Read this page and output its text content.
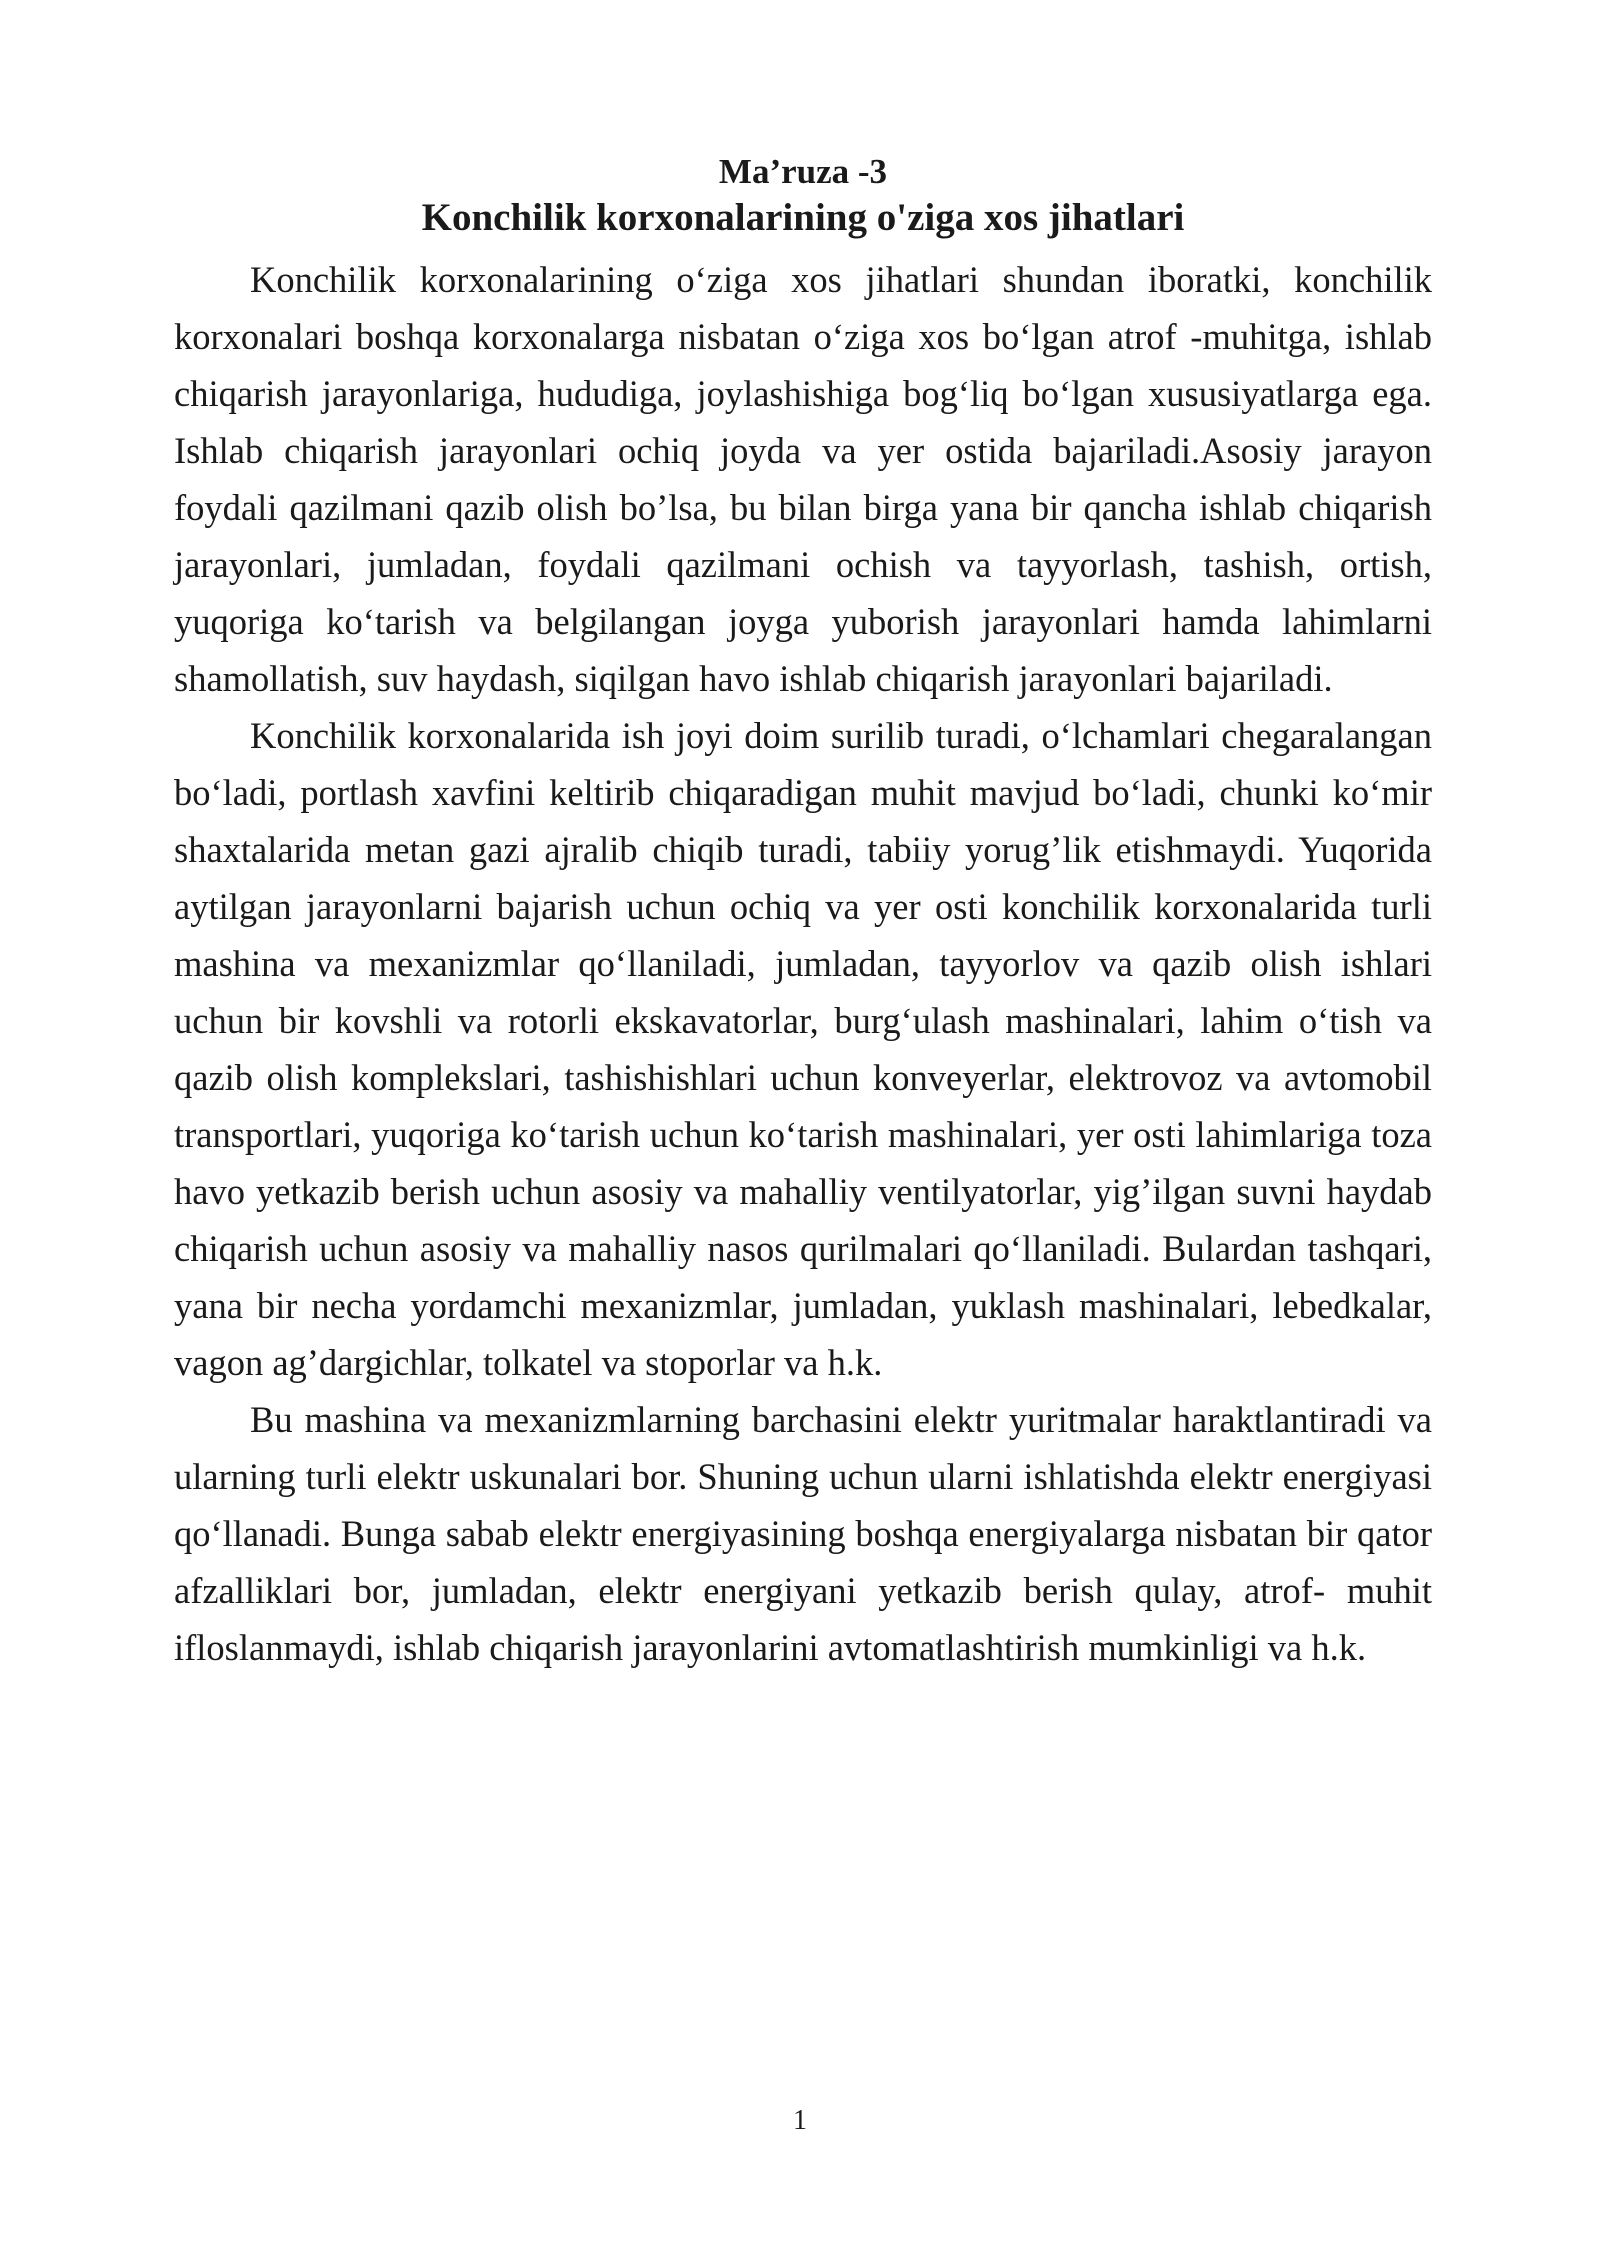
Ma’ruza -3
Konchilik korxonalarining o'ziga xos jihatlari

Konchilik korxonalarining o‘ziga xos jihatlari shundan iboratki, konchilik korxonalari boshqa korxonalarga nisbatan o‘ziga xos bo‘lgan atrof -muhitga, ishlab chiqarish jarayonlariga, hududiga, joylashishiga bog‘liq bo‘lgan xususiyatlarga ega. Ishlab chiqarish jarayonlari ochiq joyda va yer ostida bajariladi.Asosiy jarayon foydali qazilmani qazib olish bo’lsa, bu bilan birga yana bir qancha ishlab chiqarish jarayonlari, jumladan, foydali qazilmani ochish va tayyorlash, tashish, ortish, yuqoriga ko‘tarish va belgilangan joyga yuborish jarayonlari hamda lahimlarni shamollatish, suv haydash, siqilgan havo ishlab chiqarish jarayonlari bajariladi.

Konchilik korxonalarida ish joyi doim surilib turadi, o‘lchamlari chegaralangan bo‘ladi, portlash xavfini keltirib chiqaradigan muhit mavjud bo‘ladi, chunki ko‘mir shaxtalarida metan gazi ajralib chiqib turadi, tabiiy yorug’lik etishmaydi. Yuqorida aytilgan jarayonlarni bajarish uchun ochiq va yer osti konchilik korxonalarida turli mashina va mexanizmlar qo‘llaniladi, jumladan, tayyorlov va qazib olish ishlari uchun bir kovshli va rotorli ekskavatorlar, burg‘ulash mashinalari, lahim o‘tish va qazib olish komplekslari, tashishishlari uchun konveyerlar, elektrovoz va avtomobil transportlari, yuqoriga ko‘tarish uchun ko‘tarish mashinalari, yer osti lahimlariga toza havo yetkazib berish uchun asosiy va mahalliy ventilyatorlar, yig’ilgan suvni haydab chiqarish uchun asosiy va mahalliy nasos qurilmalari qo‘llaniladi. Bulardan tashqari, yana bir necha yordamchi mexanizmlar, jumladan, yuklash mashinalari, lebedkalar, vagon ag’dargichlar, tolkatel va stoporlar va h.k.

Bu mashina va mexanizmlarning barchasini elektr yuritmalar haraktlantiradi va ularning turli elektr uskunalari bor. Shuning uchun ularni ishlatishda elektr energiyasi qo‘llanadi. Bunga sabab elektr energiyasining boshqa energiyalarga nisbatan bir qator afzalliklari bor, jumladan, elektr energiyani yetkazib berish qulay, atrof- muhit ifloslanmaydi, ishlab chiqarish jarayonlarini avtomatlashtirish mumkinligi va h.k.

1
